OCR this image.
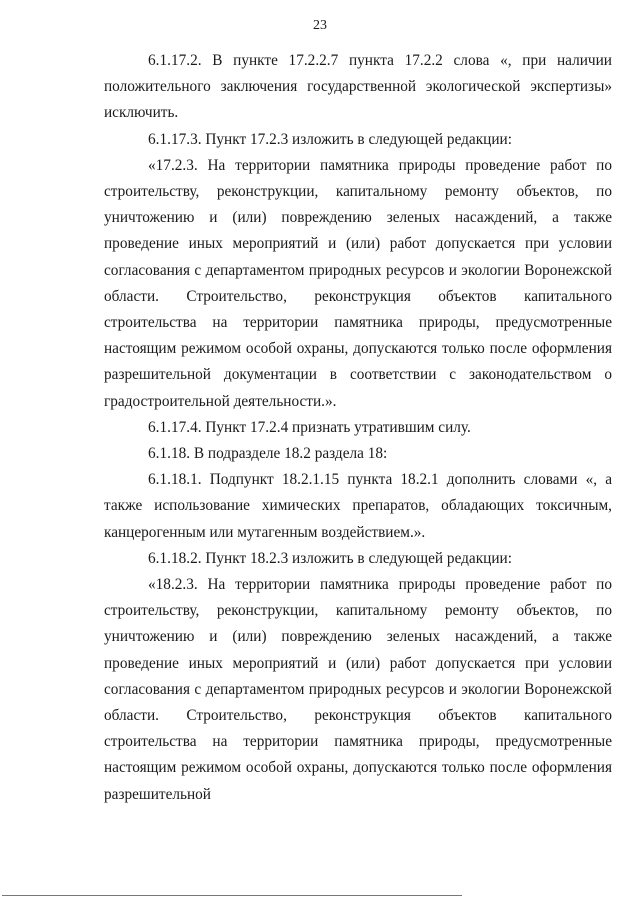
23

6.1.17.2. В пункте 17.2.2.7 пункта 17.2.2 слова «, при наличии положительного заключения государственной экологической экспертизы» исключить.

6.1.17.3. Пункт 17.2.3 изложить в следующей редакции:

«17.2.3. На территории памятника природы проведение работ по строительству, реконструкции, капитальному ремонту объектов, по уничтожению и (или) повреждению зеленых насаждений, а также проведение иных мероприятий и (или) работ допускается при условии согласования с департаментом природных ресурсов и экологии Воронежской области. Строительство, реконструкция объектов капитального строительства на территории памятника природы, предусмотренные настоящим режимом особой охраны, допускаются только после оформления разрешительной документации в соответствии с законодательством о градостроительной деятельности.».

6.1.17.4. Пункт 17.2.4 признать утратившим силу.

6.1.18. В подразделе 18.2 раздела 18:

6.1.18.1. Подпункт 18.2.1.15 пункта 18.2.1 дополнить словами «, а также использование химических препаратов, обладающих токсичным, канцерогенным или мутагенным воздействием.».

6.1.18.2. Пункт 18.2.3 изложить в следующей редакции:

«18.2.3. На территории памятника природы проведение работ по строительству, реконструкции, капитальному ремонту объектов, по уничтожению и (или) повреждению зеленых насаждений, а также проведение иных мероприятий и (или) работ допускается при условии согласования с департаментом природных ресурсов и экологии Воронежской области. Строительство, реконструкция объектов капитального строительства на территории памятника природы, предусмотренные настоящим режимом особой охраны, допускаются только после оформления разрешительной
